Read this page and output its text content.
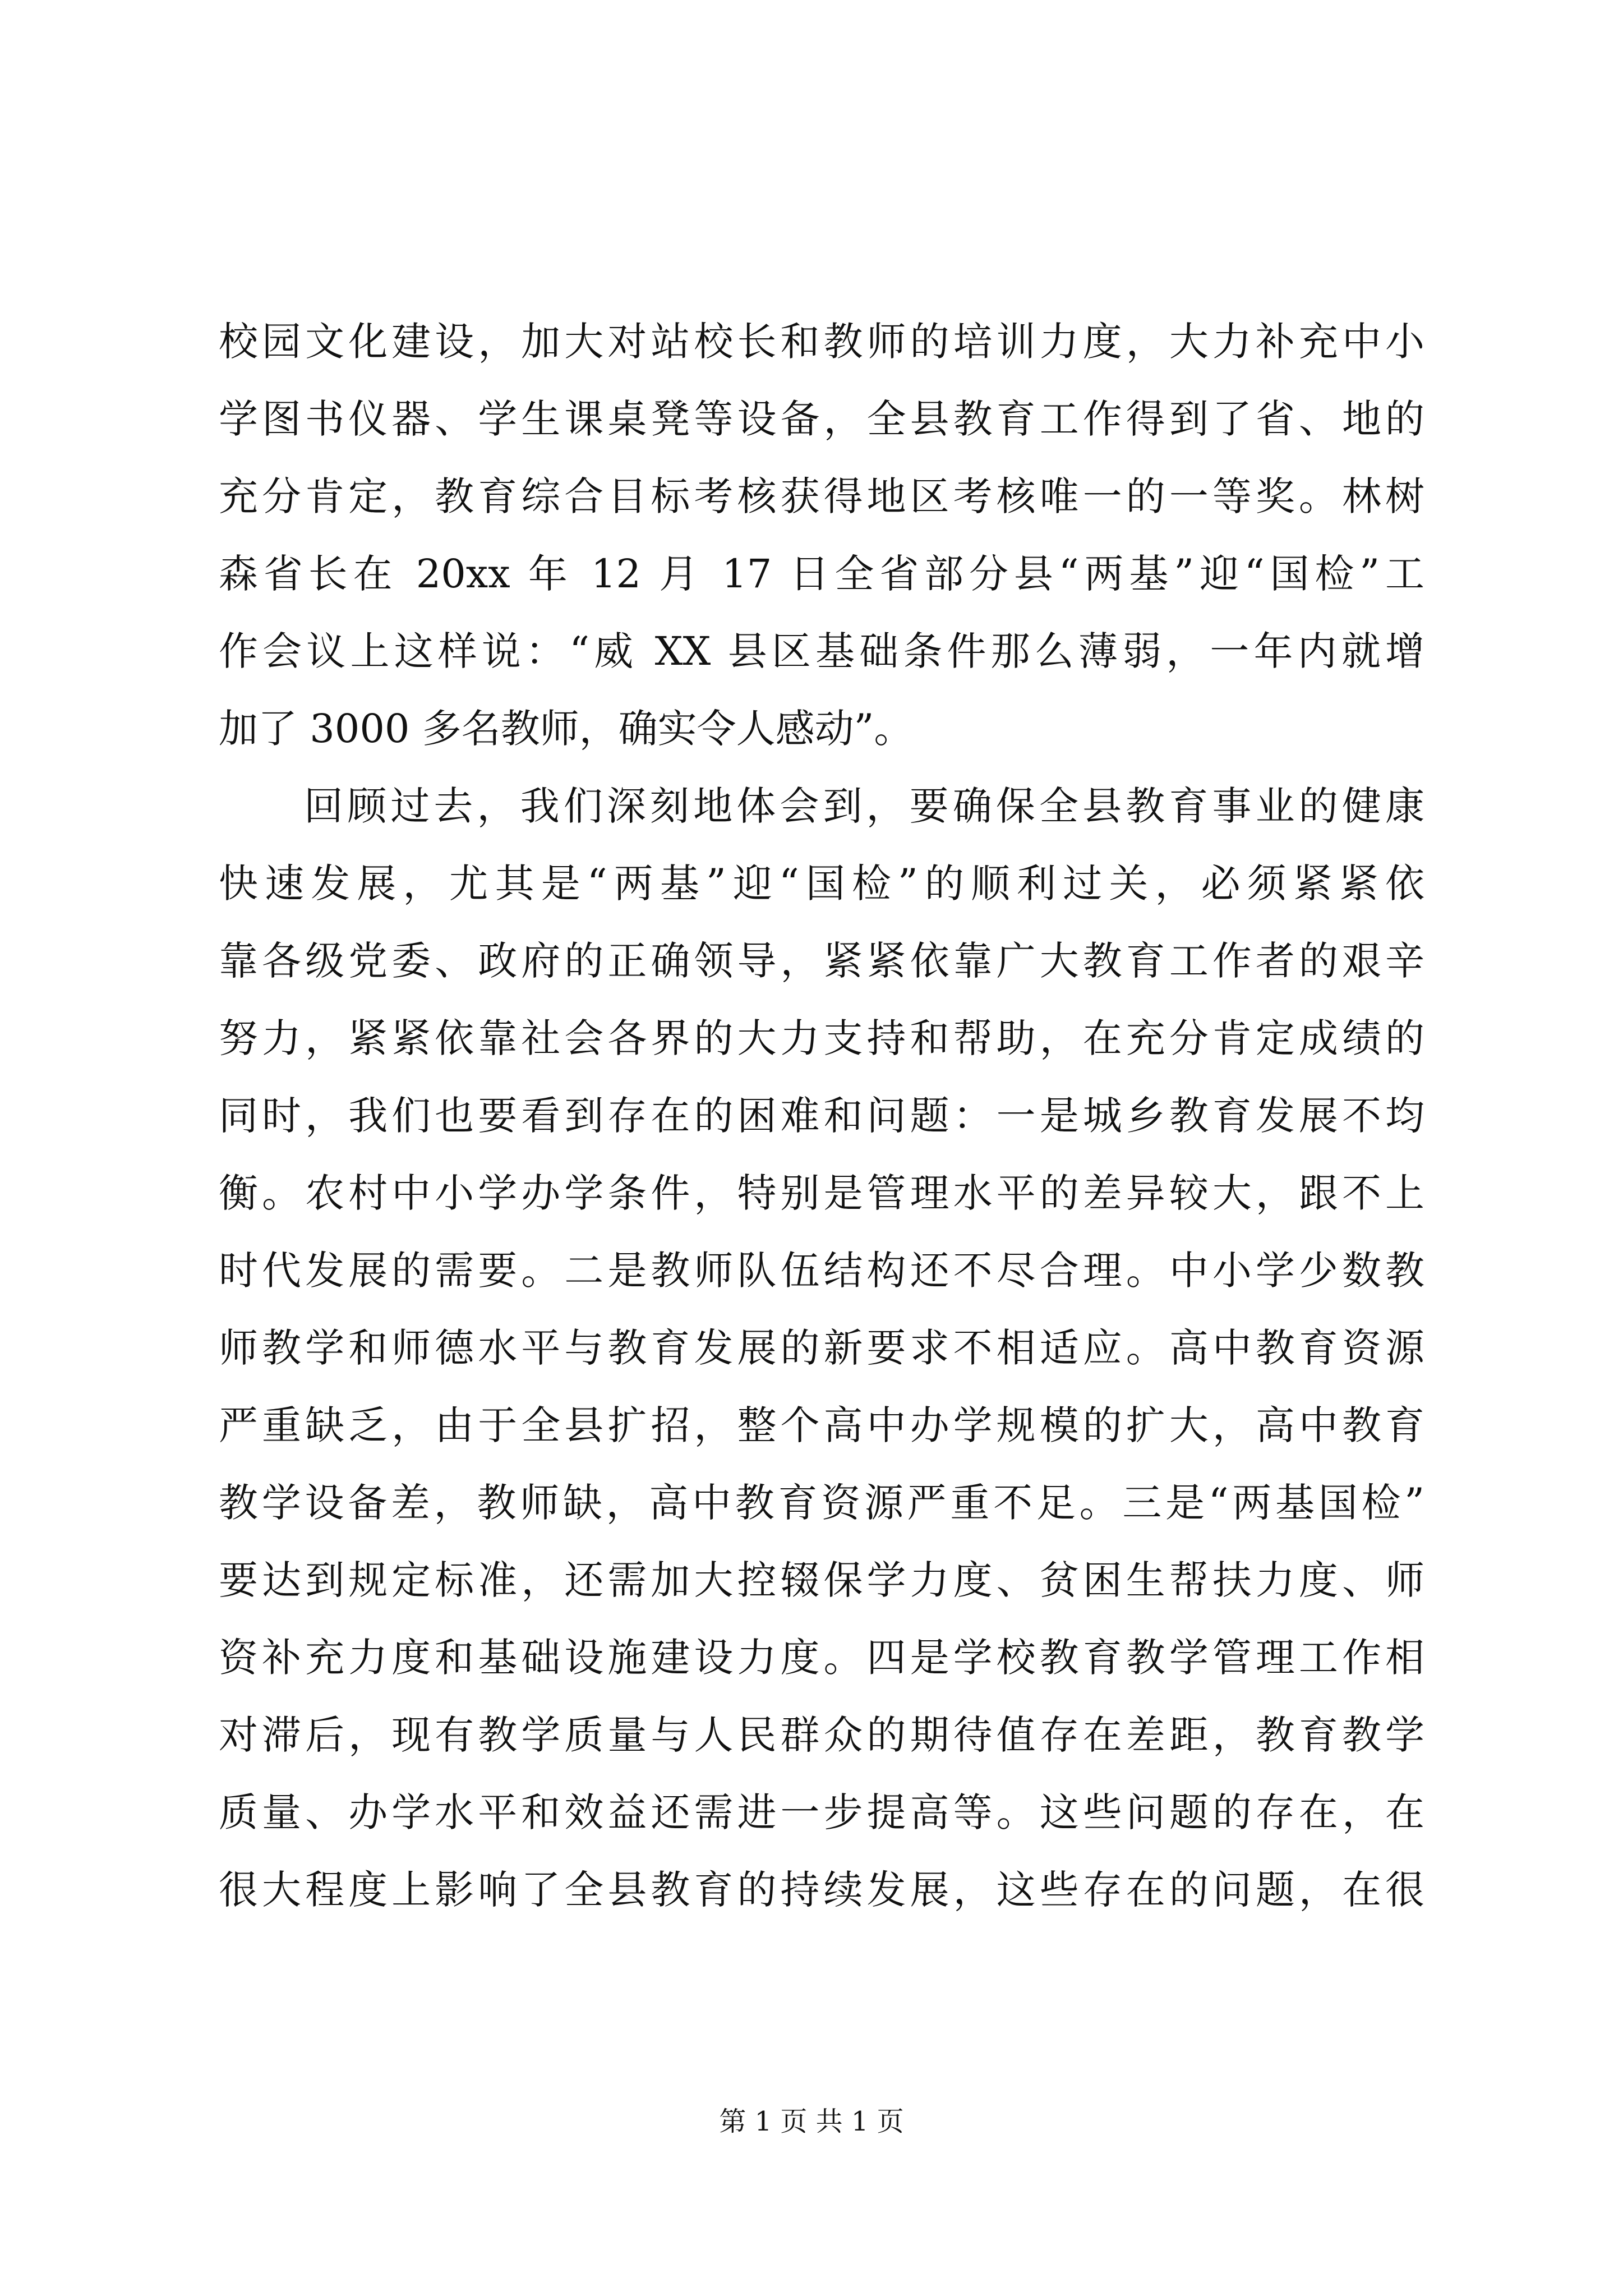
校园文化建设，加大对站校长和教师的培训力度，大力补充中小
学图书仪器、学生课桌凳等设备，全县教育工作得到了省、地的
充分肯定，教育综合目标考核获得地区考核唯一的一等奖。林树
森省长在 20xx 年 12 月 17 日全省部分县“两基”迎“国检”工
作会议上这样说：“威 XX 县区基础条件那么薄弱，一年内就增
加了 3000 多名教师，确实令人感动”。
回顾过去，我们深刻地体会到，要确保全县教育事业的健康
快速发展，尤其是“两基”迎“国检”的顺利过关，必须紧紧依
靠各级党委、政府的正确领导，紧紧依靠广大教育工作者的艰辛
努力，紧紧依靠社会各界的大力支持和帮助，在充分肯定成绩的
同时，我们也要看到存在的困难和问题：一是城乡教育发展不均
衡。农村中小学办学条件，特别是管理水平的差异较大，跟不上
时代发展的需要。二是教师队伍结构还不尽合理。中小学少数教
师教学和师德水平与教育发展的新要求不相适应。高中教育资源
严重缺乏，由于全县扩招，整个高中办学规模的扩大，高中教育
教学设备差，教师缺，高中教育资源严重不足。三是“两基国检”
要达到规定标准，还需加大控辍保学力度、贫困生帮扶力度、师
资补充力度和基础设施建设力度。四是学校教育教学管理工作相
对滞后，现有教学质量与人民群众的期待值存在差距，教育教学
质量、办学水平和效益还需进一步提高等。这些问题的存在，在
很大程度上影响了全县教育的持续发展，这些存在的问题，在很
第 1 页 共 1 页
